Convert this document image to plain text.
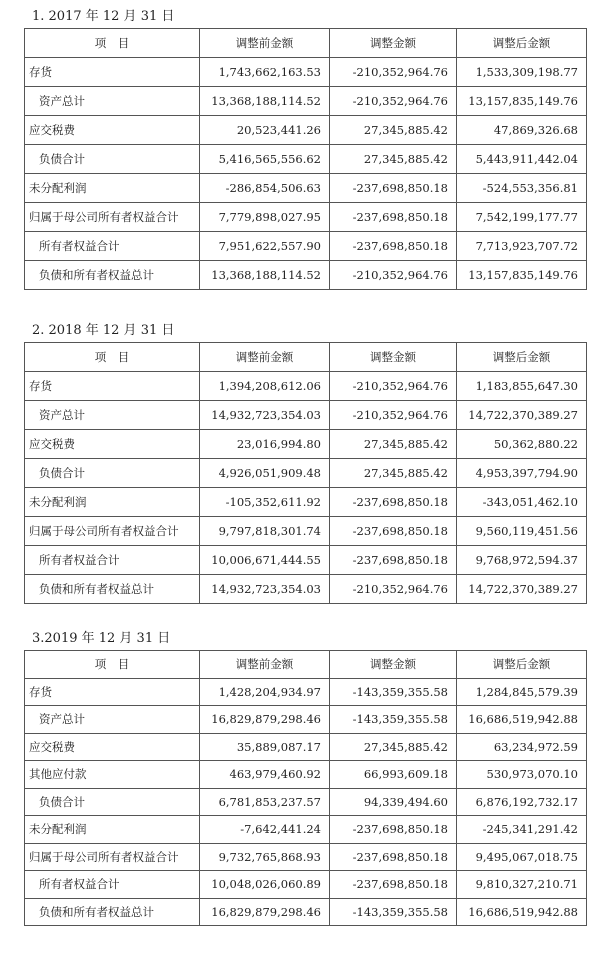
1. 2017 年 12 月 31 日
项　目	调整前金额	调整金额	调整后金额
存货	1,743,662,163.53	-210,352,964.76	1,533,309,198.77
资产总计	13,368,188,114.52	-210,352,964.76	13,157,835,149.76
应交税费	20,523,441.26	27,345,885.42	47,869,326.68
负债合计	5,416,565,556.62	27,345,885.42	5,443,911,442.04
未分配利润	-286,854,506.63	-237,698,850.18	-524,553,356.81
归属于母公司所有者权益合计	7,779,898,027.95	-237,698,850.18	7,542,199,177.77
所有者权益合计	7,951,622,557.90	-237,698,850.18	7,713,923,707.72
负债和所有者权益总计	13,368,188,114.52	-210,352,964.76	13,157,835,149.76
2. 2018 年 12 月 31 日
项　目	调整前金额	调整金额	调整后金额
存货	1,394,208,612.06	-210,352,964.76	1,183,855,647.30
资产总计	14,932,723,354.03	-210,352,964.76	14,722,370,389.27
应交税费	23,016,994.80	27,345,885.42	50,362,880.22
负债合计	4,926,051,909.48	27,345,885.42	4,953,397,794.90
未分配利润	-105,352,611.92	-237,698,850.18	-343,051,462.10
归属于母公司所有者权益合计	9,797,818,301.74	-237,698,850.18	9,560,119,451.56
所有者权益合计	10,006,671,444.55	-237,698,850.18	9,768,972,594.37
负债和所有者权益总计	14,932,723,354.03	-210,352,964.76	14,722,370,389.27
3.2019 年 12 月 31 日
项　目	调整前金额	调整金额	调整后金额
存货	1,428,204,934.97	-143,359,355.58	1,284,845,579.39
资产总计	16,829,879,298.46	-143,359,355.58	16,686,519,942.88
应交税费	35,889,087.17	27,345,885.42	63,234,972.59
其他应付款	463,979,460.92	66,993,609.18	530,973,070.10
负债合计	6,781,853,237.57	94,339,494.60	6,876,192,732.17
未分配利润	-7,642,441.24	-237,698,850.18	-245,341,291.42
归属于母公司所有者权益合计	9,732,765,868.93	-237,698,850.18	9,495,067,018.75
所有者权益合计	10,048,026,060.89	-237,698,850.18	9,810,327,210.71
负债和所有者权益总计	16,829,879,298.46	-143,359,355.58	16,686,519,942.88
